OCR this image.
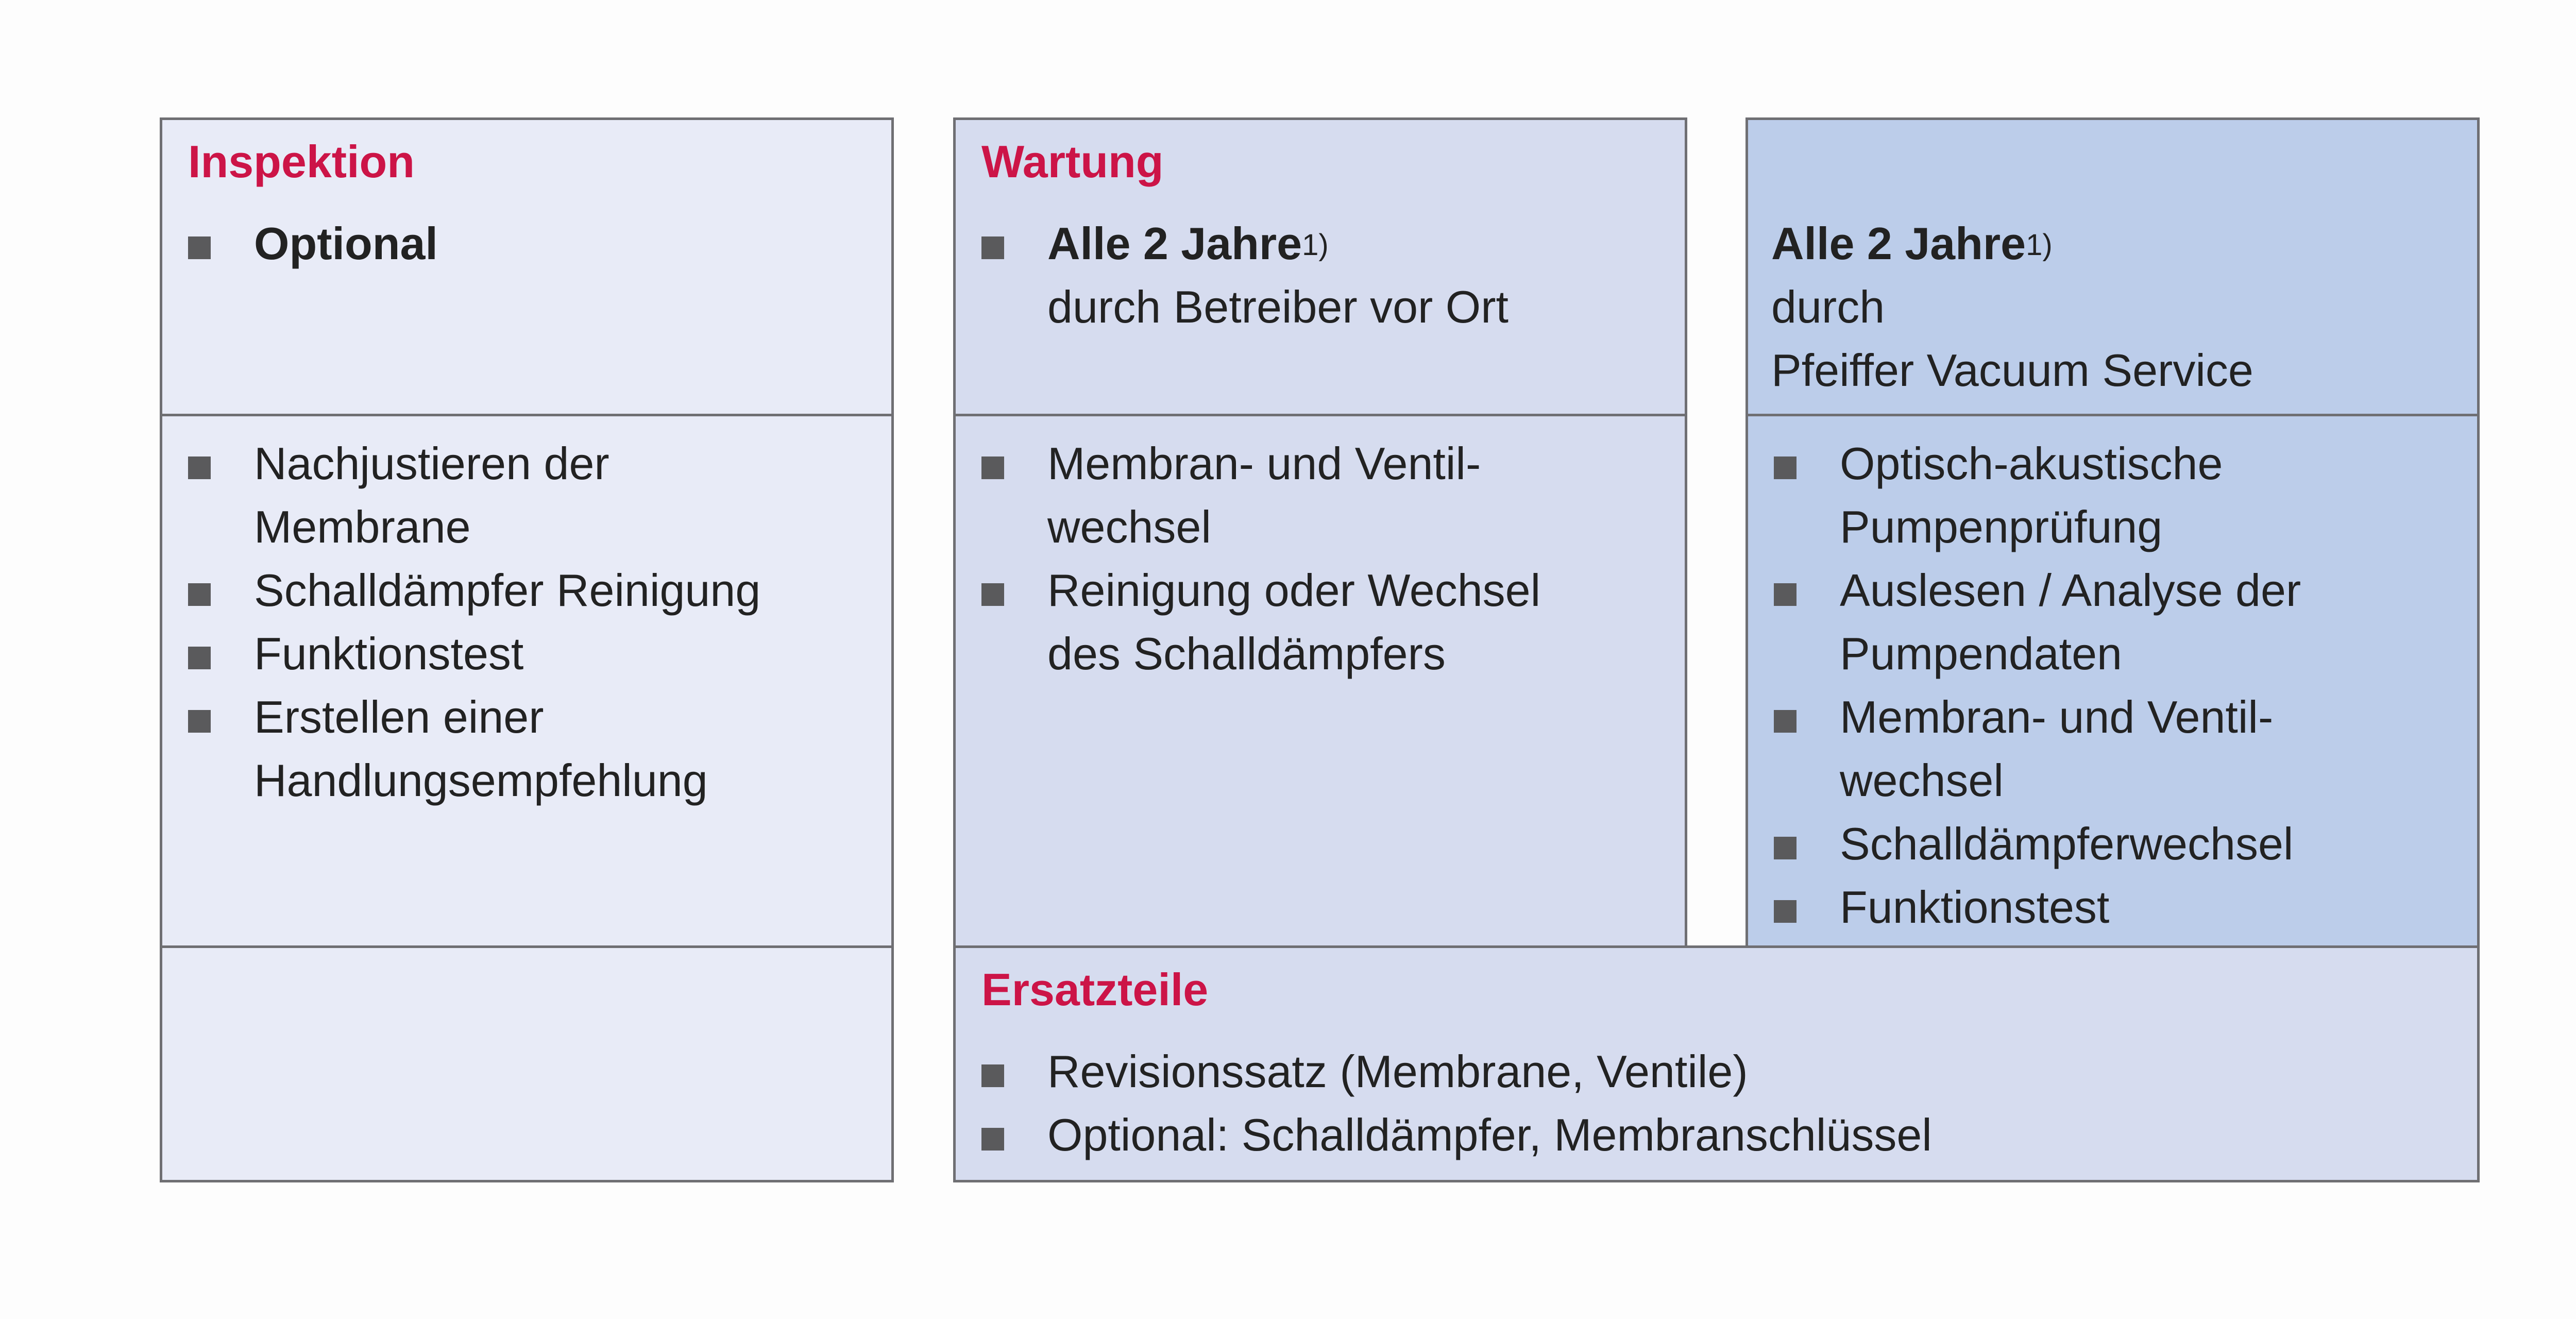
Inspektion
Optional
Nachjustieren der
Membrane
Schalldämpfer Reinigung
Funktionstest
Erstellen einer
Handlungsempfehlung
Wartung
Alle 2 Jahre$^{1)}$
durch Betreiber vor Ort
Membran- und Ventil-
wechsel
Reinigung oder Wechsel
des Schalldämpfers
Alle 2 Jahre$^{1)}$
durch
Pfeiffer Vacuum Service
Optisch-akustische
Pumpenprüfung
Auslesen / Analyse der
Pumpendaten
Membran- und Ventil-
wechsel
Schalldämpferwechsel
Funktionstest
Ersatzteile
Revisionssatz (Membrane, Ventile)
Optional: Schalldämpfer, Membranschlüssel
